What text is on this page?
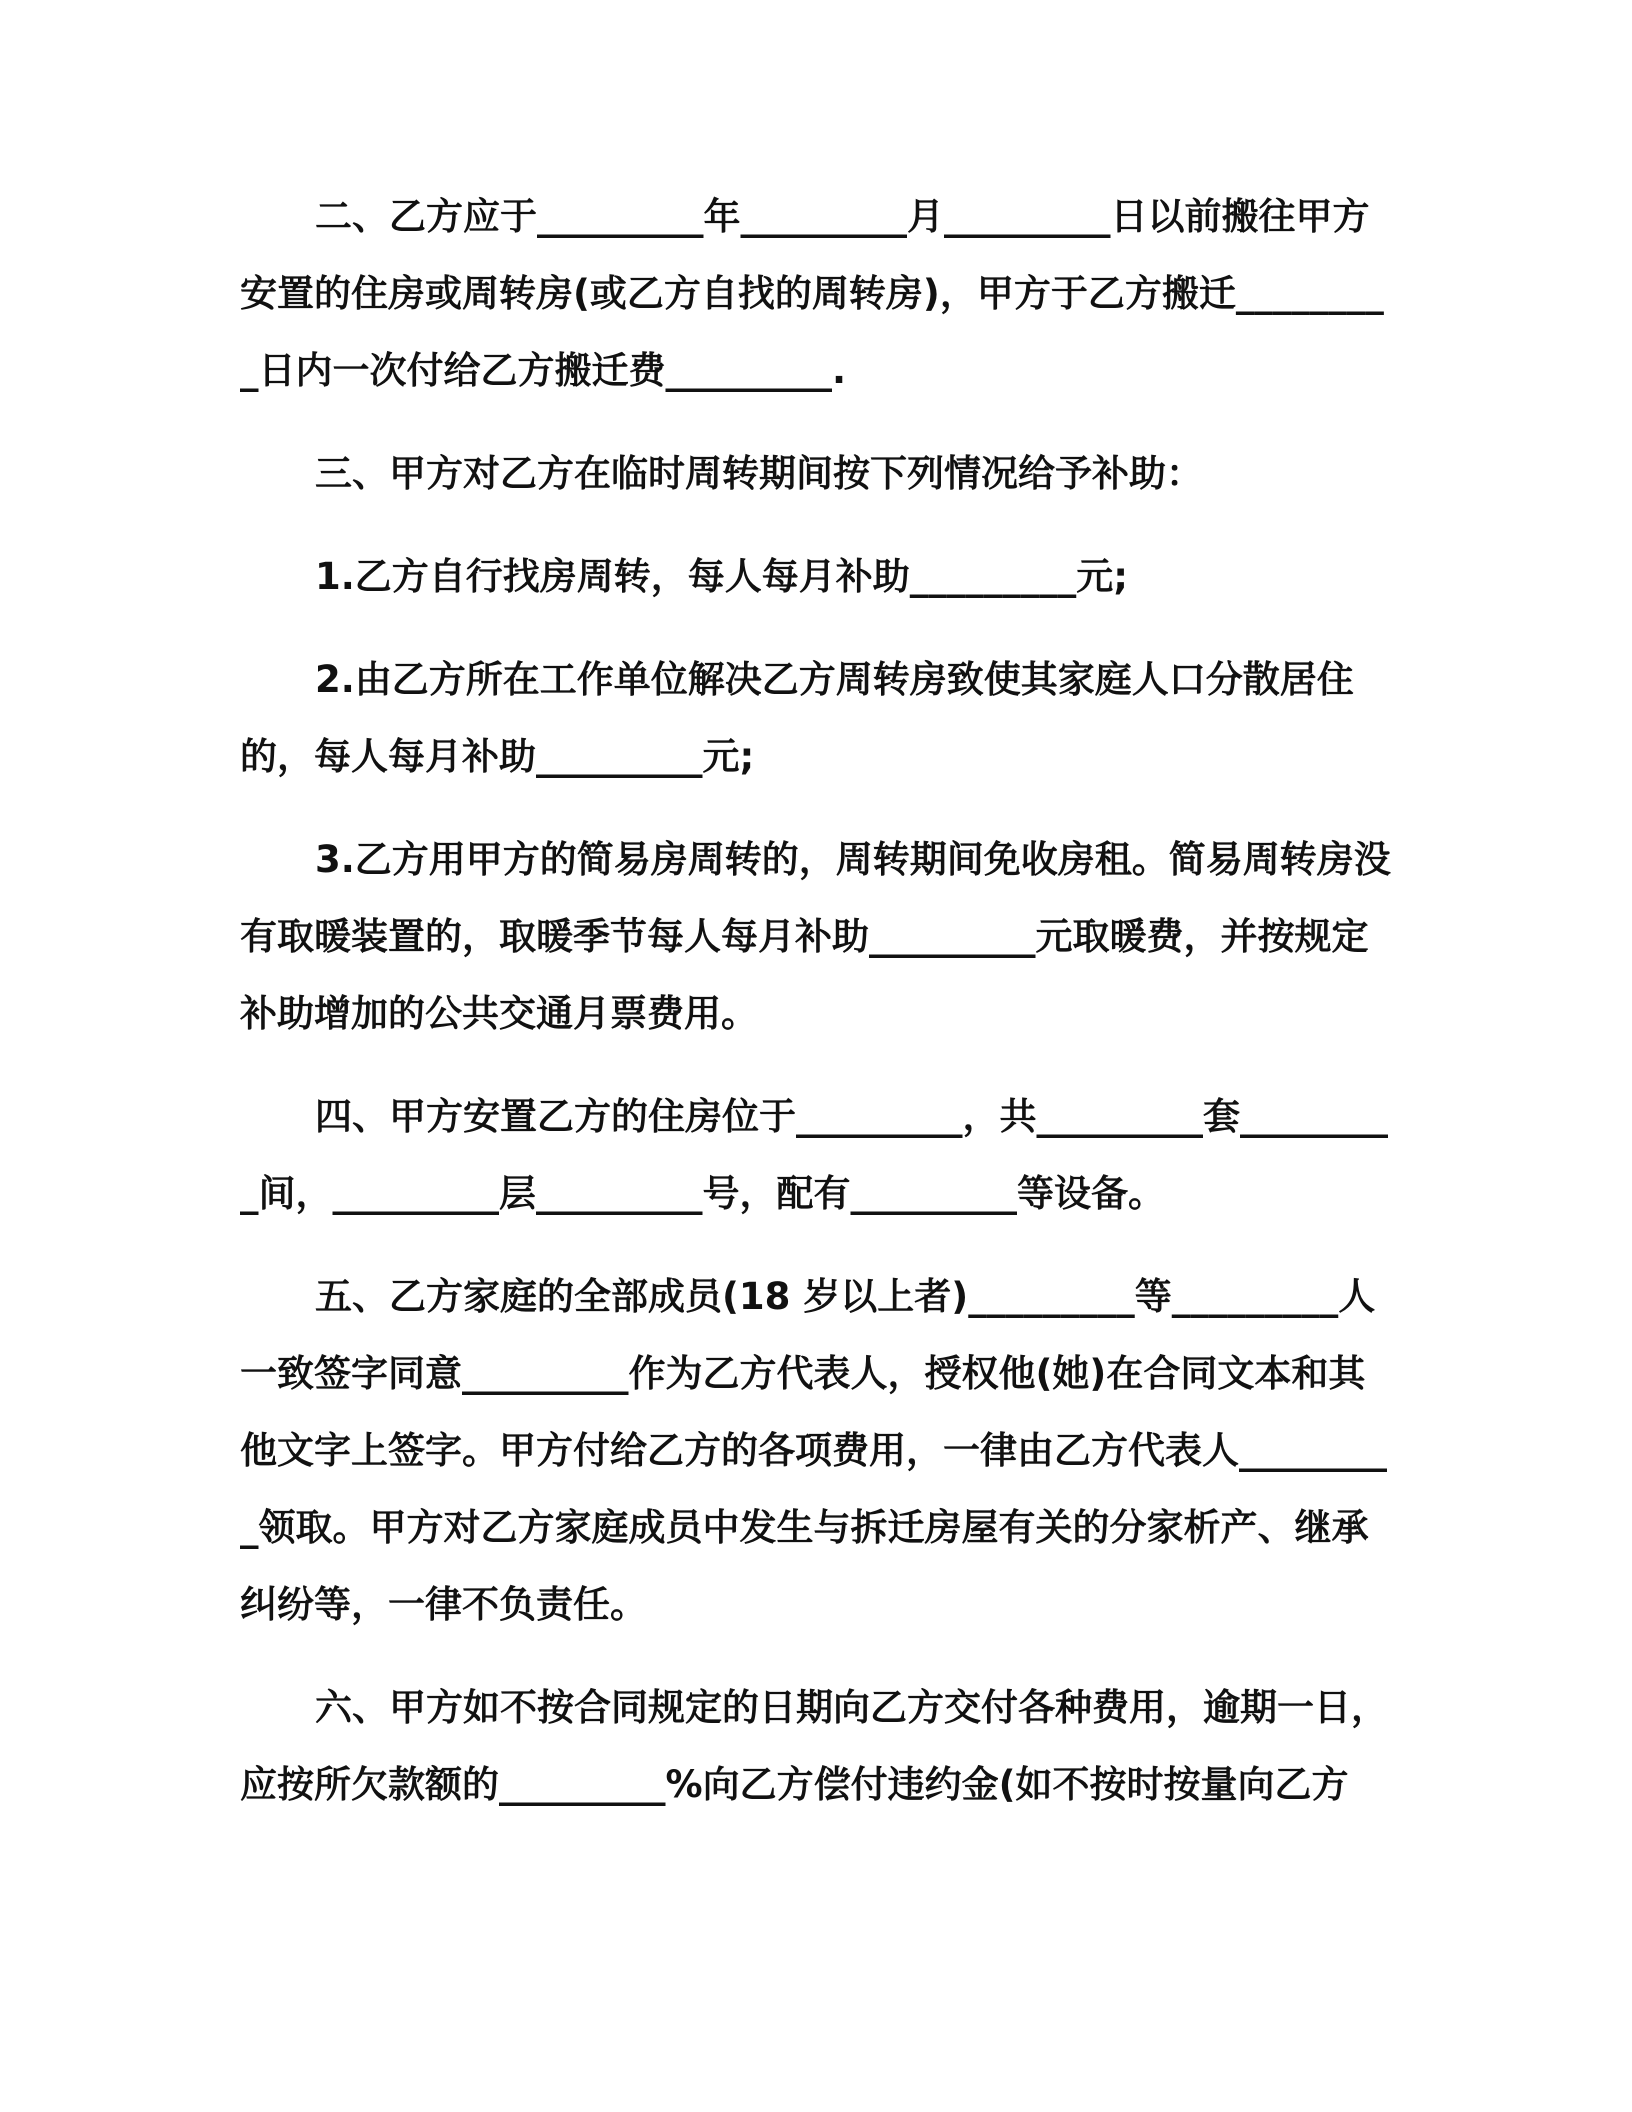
二、乙方应于_________年_________月_________日以前搬往甲方安置的住房或周转房(或乙方自找的周转房)，甲方于乙方搬迁_________日内一次付给乙方搬迁费_________.

三、甲方对乙方在临时周转期间按下列情况给予补助：

1.乙方自行找房周转，每人每月补助_________元;

2.由乙方所在工作单位解决乙方周转房致使其家庭人口分散居住的，每人每月补助_________元;

3.乙方用甲方的简易房周转的，周转期间免收房租。简易周转房没有取暖装置的，取暖季节每人每月补助_________元取暖费，并按规定补助增加的公共交通月票费用。

四、甲方安置乙方的住房位于_________，共_________套_________间，_________层_________号，配有_________等设备。

五、乙方家庭的全部成员(18 岁以上者)_________等_________人一致签字同意_________作为乙方代表人，授权他(她)在合同文本和其他文字上签字。甲方付给乙方的各项费用，一律由乙方代表人_________领取。甲方对乙方家庭成员中发生与拆迁房屋有关的分家析产、继承纠纷等，一律不负责任。

六、甲方如不按合同规定的日期向乙方交付各种费用，逾期一日，应按所欠款额的_________%向乙方偿付违约金(如不按时按量向乙方
